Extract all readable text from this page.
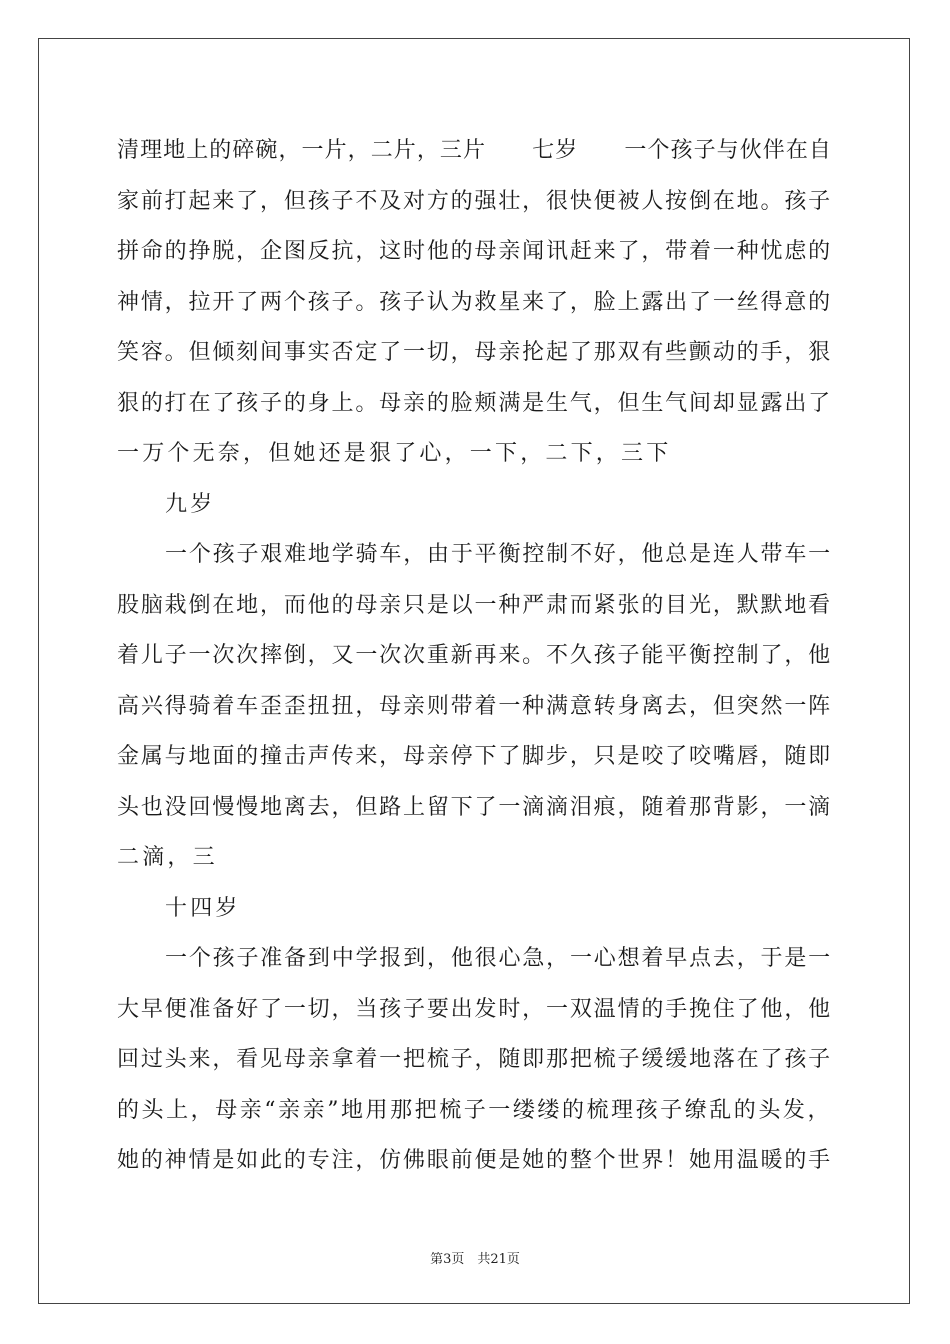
清理地上的碎碗，一片，二片，三片　　七岁　　一个孩子与伙伴在自
家前打起来了，但孩子不及对方的强壮，很快便被人按倒在地。孩子
拼命的挣脱，企图反抗，这时他的母亲闻讯赶来了，带着一种忧虑的
神情，拉开了两个孩子。孩子认为救星来了，脸上露出了一丝得意的
笑容。但倾刻间事实否定了一切，母亲抡起了那双有些颤动的手，狠
狠的打在了孩子的身上。母亲的脸颊满是生气，但生气间却显露出了
一万个无奈，但她还是狠了心，一下，二下，三下
九岁
一个孩子艰难地学骑车，由于平衡控制不好，他总是连人带车一
股脑栽倒在地，而他的母亲只是以一种严肃而紧张的目光，默默地看
着儿子一次次摔倒，又一次次重新再来。不久孩子能平衡控制了，他
高兴得骑着车歪歪扭扭，母亲则带着一种满意转身离去，但突然一阵
金属与地面的撞击声传来，母亲停下了脚步，只是咬了咬嘴唇，随即
头也没回慢慢地离去，但路上留下了一滴滴泪痕，随着那背影，一滴
二滴，三
十四岁
一个孩子准备到中学报到，他很心急，一心想着早点去，于是一
大早便准备好了一切，当孩子要出发时，一双温情的手挽住了他，他
回过头来，看见母亲拿着一把梳子，随即那把梳子缓缓地落在了孩子
的头上，母亲“亲亲”地用那把梳子一缕缕的梳理孩子缭乱的头发，
她的神情是如此的专注，仿佛眼前便是她的整个世界！她用温暖的手
第3页　共21页
